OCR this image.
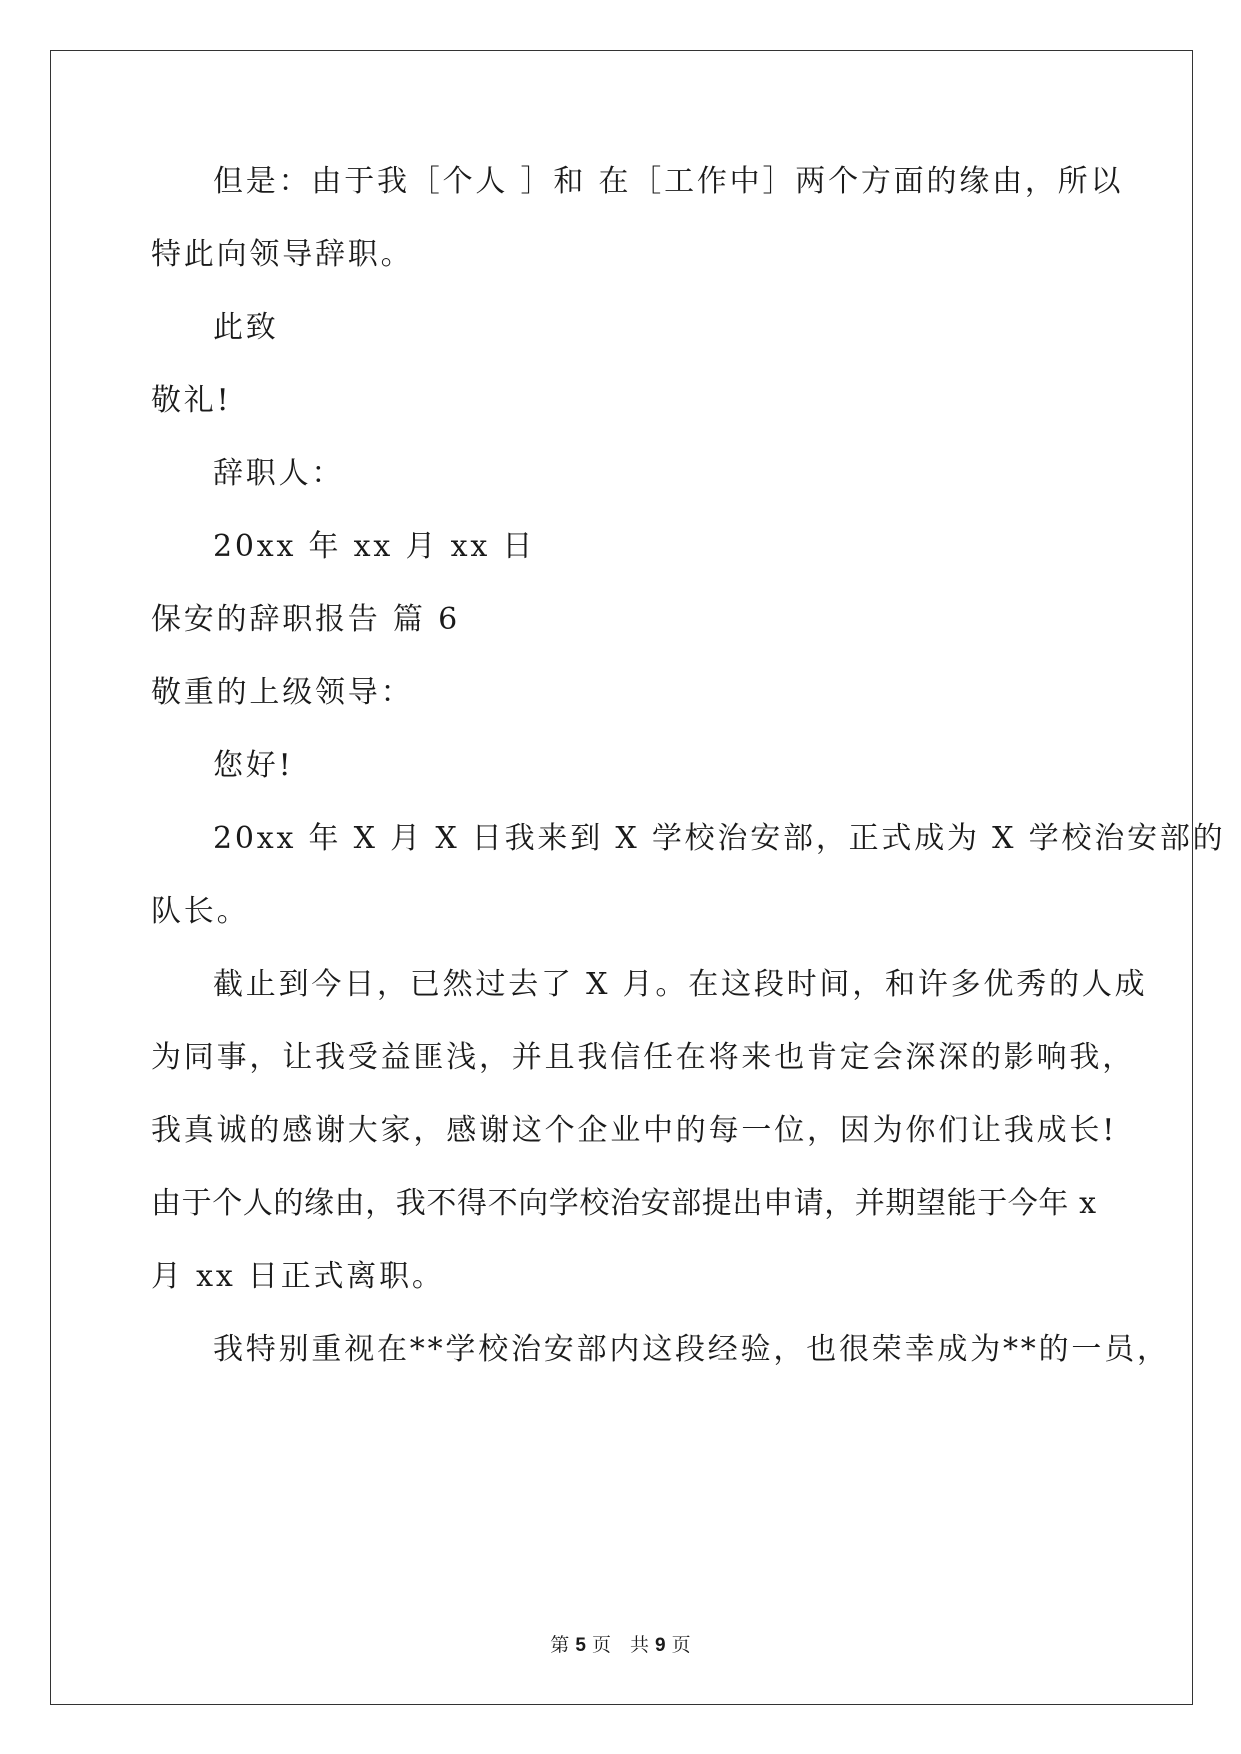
但是：由于我［个人 ］和 在［工作中］两个方面的缘由，所以
特此向领导辞职。
此致
敬礼!
辞职人：
20xx 年 xx 月 xx 日
保安的辞职报告 篇 6
敬重的上级领导：
您好!
20xx 年 X 月 X 日我来到 X 学校治安部，正式成为 X 学校治安部的
队长。
截止到今日，已然过去了 X 月。在这段时间，和许多优秀的人成
为同事，让我受益匪浅，并且我信任在将来也肯定会深深的影响我，
我真诚的感谢大家，感谢这个企业中的每一位，因为你们让我成长!
由于个人的缘由，我不得不向学校治安部提出申请，并期望能于今年 x
月 xx 日正式离职。
我特别重视在**学校治安部内这段经验，也很荣幸成为**的一员，
第 5 页　共 9 页
